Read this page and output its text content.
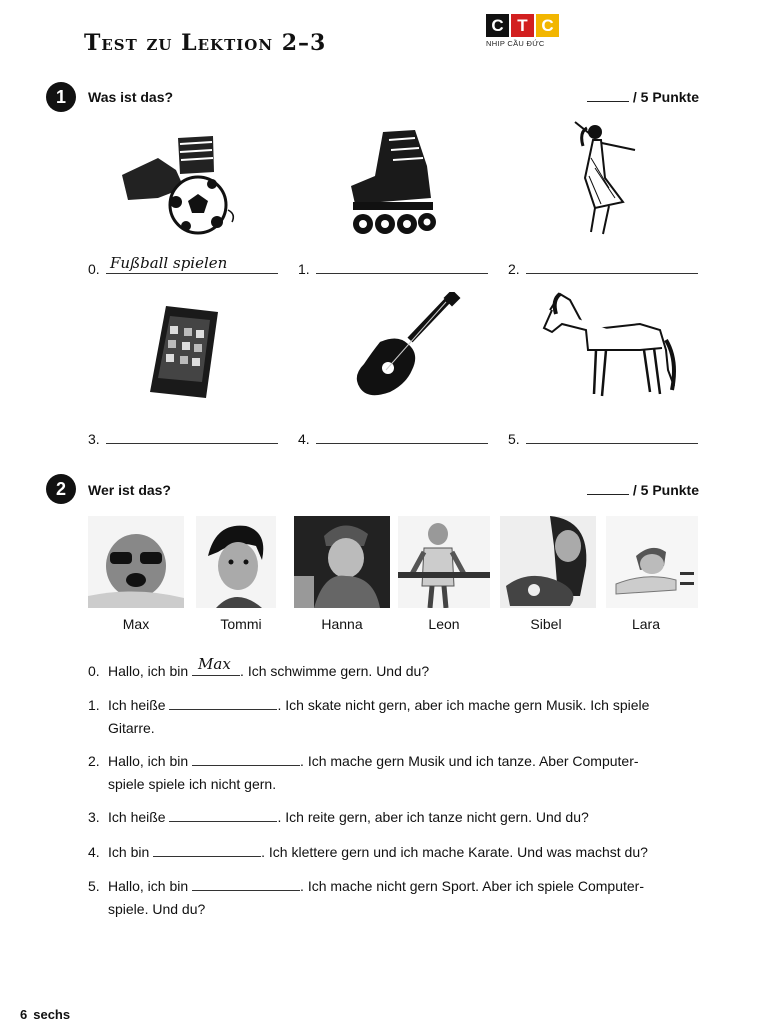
Test zu Lektion 2–3
C T C
NHIP CẦU ĐỨC
1	Was ist das?	/ 5 Punkte
0. Fußball spielen	1.	2.
3.	4.	5.
2	Wer ist das?	/ 5 Punkte
Max	Tommi	Hanna	Leon	Sibel	Lara
0. Hallo, ich bin Max . Ich schwimme gern. Und du?
1. Ich heiße	. Ich skate nicht gern, aber ich mache gern Musik. Ich spiele
Gitarre.
2. Hallo, ich bin	. Ich mache gern Musik und ich tanze. Aber Computer-
spiele spiele ich nicht gern.
3. Ich heiße	. Ich reite gern, aber ich tanze nicht gern. Und du?
4. Ich bin	. Ich klettere gern und ich mache Karate. Und was machst du?
5. Hallo, ich bin	. Ich mache nicht gern Sport. Aber ich spiele Computer-
spiele. Und du?
6 sechs
